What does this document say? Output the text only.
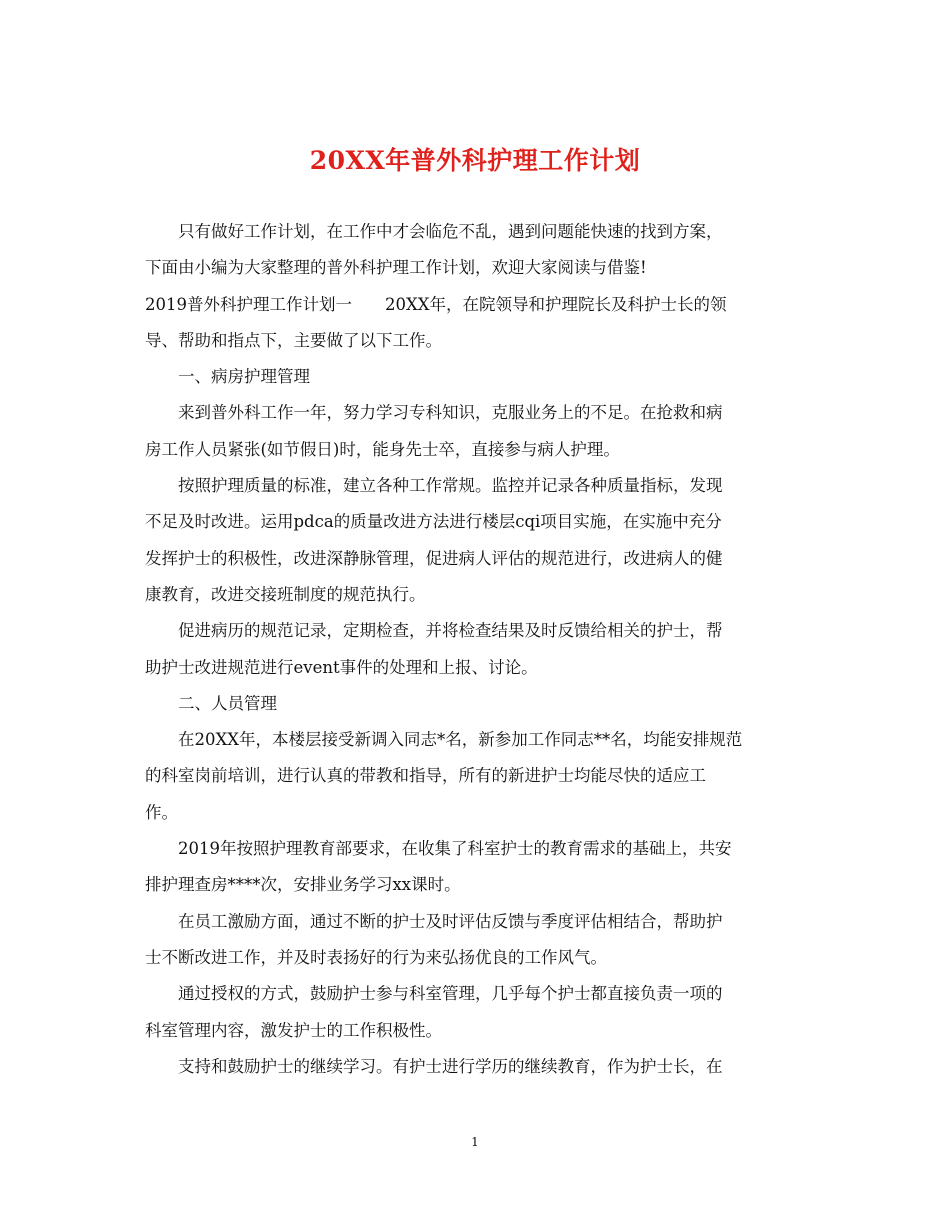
20XX年普外科护理工作计划

只有做好工作计划，在工作中才会临危不乱，遇到问题能快速的找到方案，

下面由小编为大家整理的普外科护理工作计划，欢迎大家阅读与借鉴!

2019普外科护理工作计划一　　20XX年，在院领导和护理院长及科护士长的领

导、帮助和指点下，主要做了以下工作。

一、病房护理管理

来到普外科工作一年，努力学习专科知识，克服业务上的不足。在抢救和病

房工作人员紧张(如节假日)时，能身先士卒，直接参与病人护理。

按照护理质量的标准，建立各种工作常规。监控并记录各种质量指标，发现

不足及时改进。运用pdca的质量改进方法进行楼层cqi项目实施，在实施中充分

发挥护士的积极性，改进深静脉管理，促进病人评估的规范进行，改进病人的健

康教育，改进交接班制度的规范执行。

促进病历的规范记录，定期检查，并将检查结果及时反馈给相关的护士，帮

助护士改进规范进行event事件的处理和上报、讨论。

二、人员管理

在20XX年，本楼层接受新调入同志*名，新参加工作同志**名，均能安排规范

的科室岗前培训，进行认真的带教和指导，所有的新进护士均能尽快的适应工

作。

2019年按照护理教育部要求，在收集了科室护士的教育需求的基础上，共安

排护理查房****次，安排业务学习xx课时。

在员工激励方面，通过不断的护士及时评估反馈与季度评估相结合，帮助护

士不断改进工作，并及时表扬好的行为来弘扬优良的工作风气。

通过授权的方式，鼓励护士参与科室管理，几乎每个护士都直接负责一项的

科室管理内容，激发护士的工作积极性。

支持和鼓励护士的继续学习。有护士进行学历的继续教育，作为护士长，在

1
